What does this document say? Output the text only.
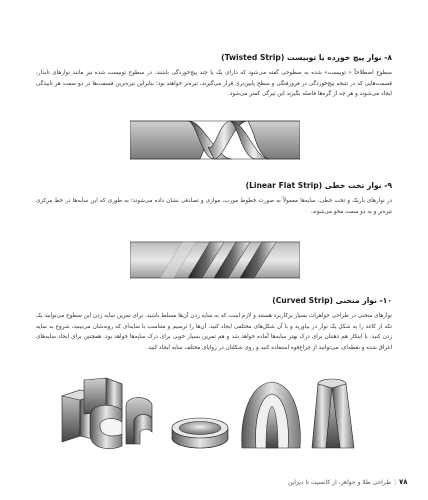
۸- نوار پیچ خورده یا توبیست (Twisted Strip)
سطوح اصطلاحاً « توبیست» شده به سطوحی گفته می‌شود که دارای یک یا چند پیچ‌خوردگی باشند. در سطوح توبیست شده نیز مانند نوارهای تابدار، قسمت‌هایی که در نتیجه پیچ‌خوردگی در فرورفتگی و سطح پایین‌تری قرار می‌گیرند، تیره‌تر خواهند بود؛ بنابراین تیره‌ترین قسمت‌ها در دو سمت هر تابیدگی ایجاد می‌شوند و هر چه از گره‌ها فاصله بگیرند این تیرگی کمتر می‌شود.
۹- نوار تخت خطی (Linear Flat Strip)
در نوارهای باریک و تخت خطی، سایه‌ها معمولاً به صورت خطوط مورب، موازی و تصادفی نشان داده می‌شوند؛ به طوری که این سایه‌ها در خط مرکزی تیره‌تر و به دو سمت محو می‌شوند.
۱۰- نوار منحنی (Curved Strip)
نوارهای منحنی در طراحی جواهرات بسیار پرکاربرد هستند و لازم است که به سایه زدن آن‌ها مسلط باشید. برای تمرین سایه زدن این سطوح می‌توانید یک تکه از کاغذ را به شکل یک نوار در بیاورید و با آن شکل‌های مختلفی ایجاد کنید. آن‌ها را ترسیم و متناسب با سایه‌ای که روبه‌شان می‌بینید، شروع به سایه زدن کنید. با اینکار هم ذهنتان برای درک بهتر سایه‌ها آماده خواهد شد و هم تمرین بسیار خوبی برای درک سایه‌ها خواهد بود. همچنین برای ایجاد سایه‌های اغراق شده و نقطه‌ای، می‌توانید از چراغ‌قوه استفاده کنید و روی شکلتان در زوایای مختلف سایه ایجاد کنید.
۷۸|طراحی طلا و جواهر، از کانسپت تا دیزاین
